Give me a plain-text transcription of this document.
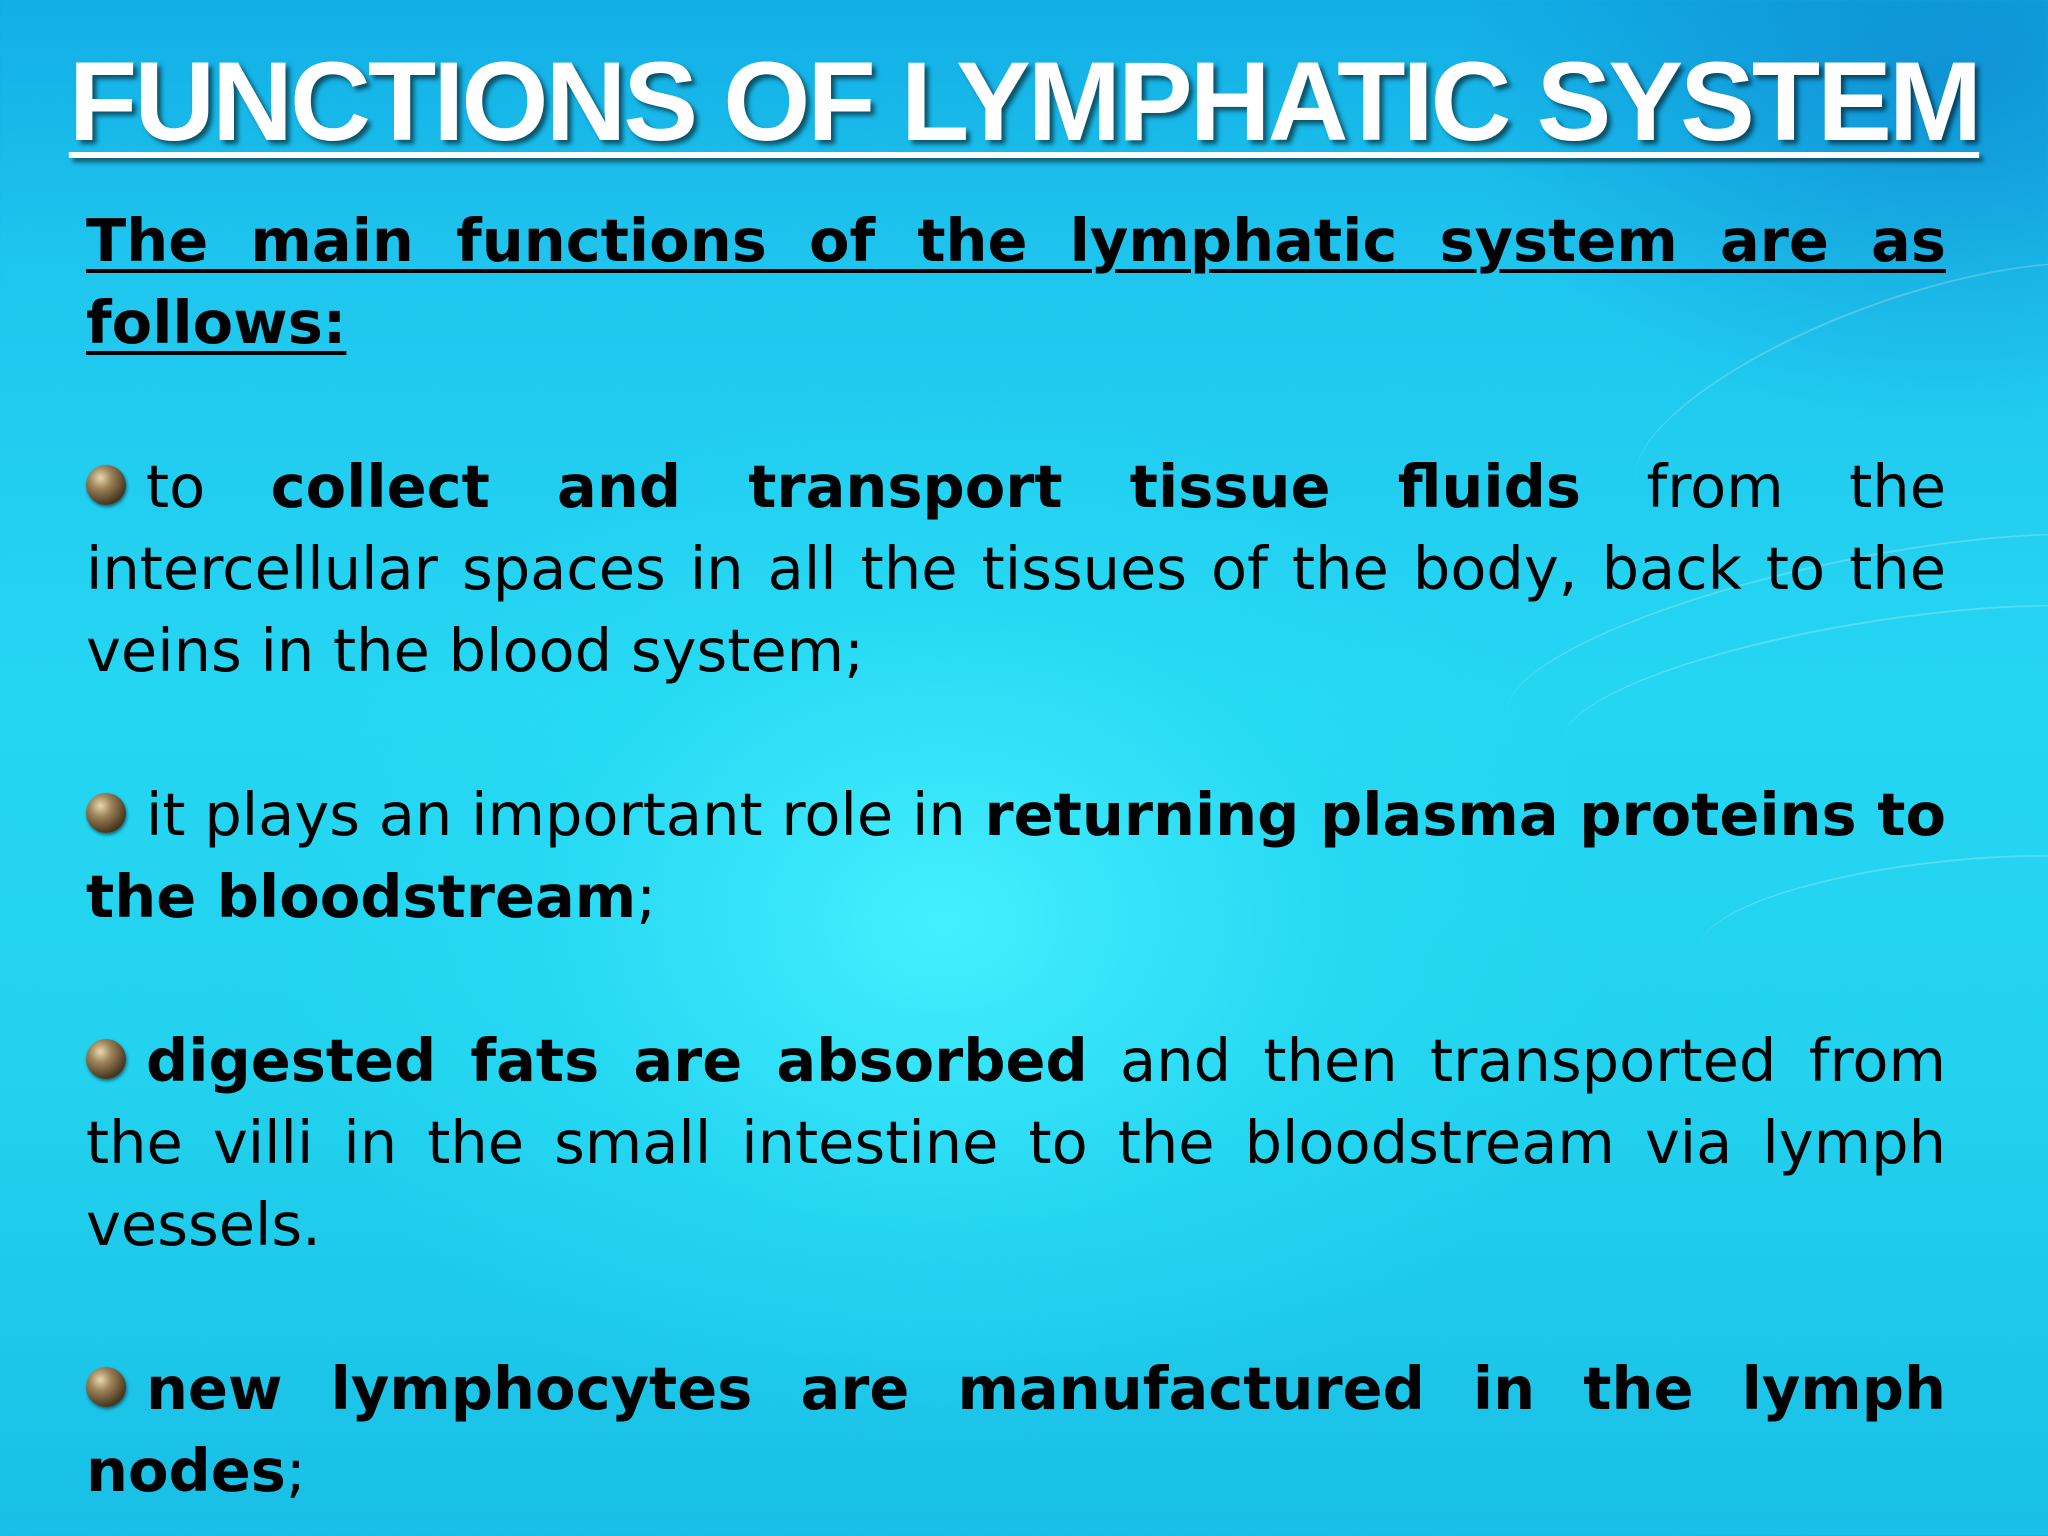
FUNCTIONS OF LYMPHATIC SYSTEM
The main functions of the lymphatic system are as follows:
to collect and transport tissue fluids from the intercellular spaces in all the tissues of the body, back to the veins in the blood system;
it plays an important role in returning plasma proteins to the bloodstream;
digested fats are absorbed and then transported from the villi in the small intestine to the bloodstream via lymph vessels.
new lymphocytes are manufactured in the lymph nodes;
